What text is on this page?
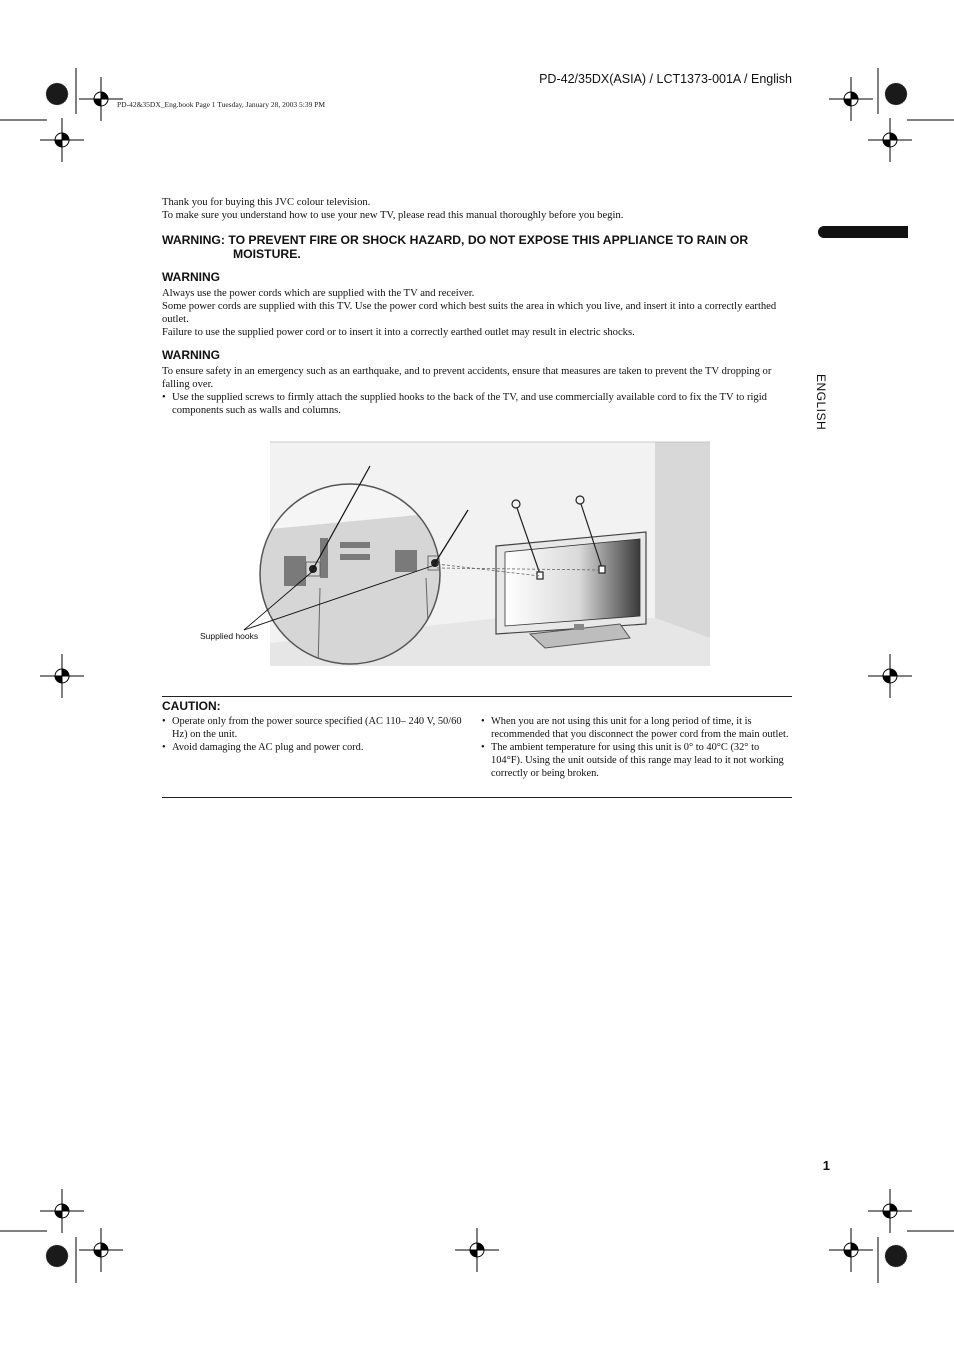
PD-42/35DX(ASIA) / LCT1373-001A / English
PD-42&35DX_Eng.book Page 1 Tuesday, January 28, 2003 5:39 PM
ENGLISH

Thank you for buying this JVC colour television.

To make sure you understand how to use your new TV, please read this manual thoroughly before you begin.

WARNING: TO PREVENT FIRE OR SHOCK HAZARD, DO NOT EXPOSE THIS APPLIANCE TO RAIN OR
MOISTURE.
WARNING

Always use the power cords which are supplied with the TV and receiver.

Some power cords are supplied with this TV. Use the power cord which best suits the area in which you live, and insert it into a correctly earthed outlet.

Failure to use the supplied power cord or to insert it into a correctly earthed outlet may result in electric shocks.

WARNING

To ensure safety in an emergency such as an earthquake, and to prevent accidents, ensure that measures are taken to prevent the TV dropping or falling over.

• Use the supplied screws to firmly attach the supplied hooks to the back of the TV, and use commercially available cord to fix the TV to rigid components such as walls and columns.
Supplied hooks
CAUTION:
• Operate only from the power source specified (AC 110– 240 V, 50/60 Hz) on the unit.
• Avoid damaging the AC plug and power cord.
• When you are not using this unit for a long period of time, it is recommended that you disconnect the power cord from the main outlet.
• The ambient temperature for using this unit is 0° to 40°C (32° to 104°F). Using the unit outside of this range may lead to it not working correctly or being broken.
1
